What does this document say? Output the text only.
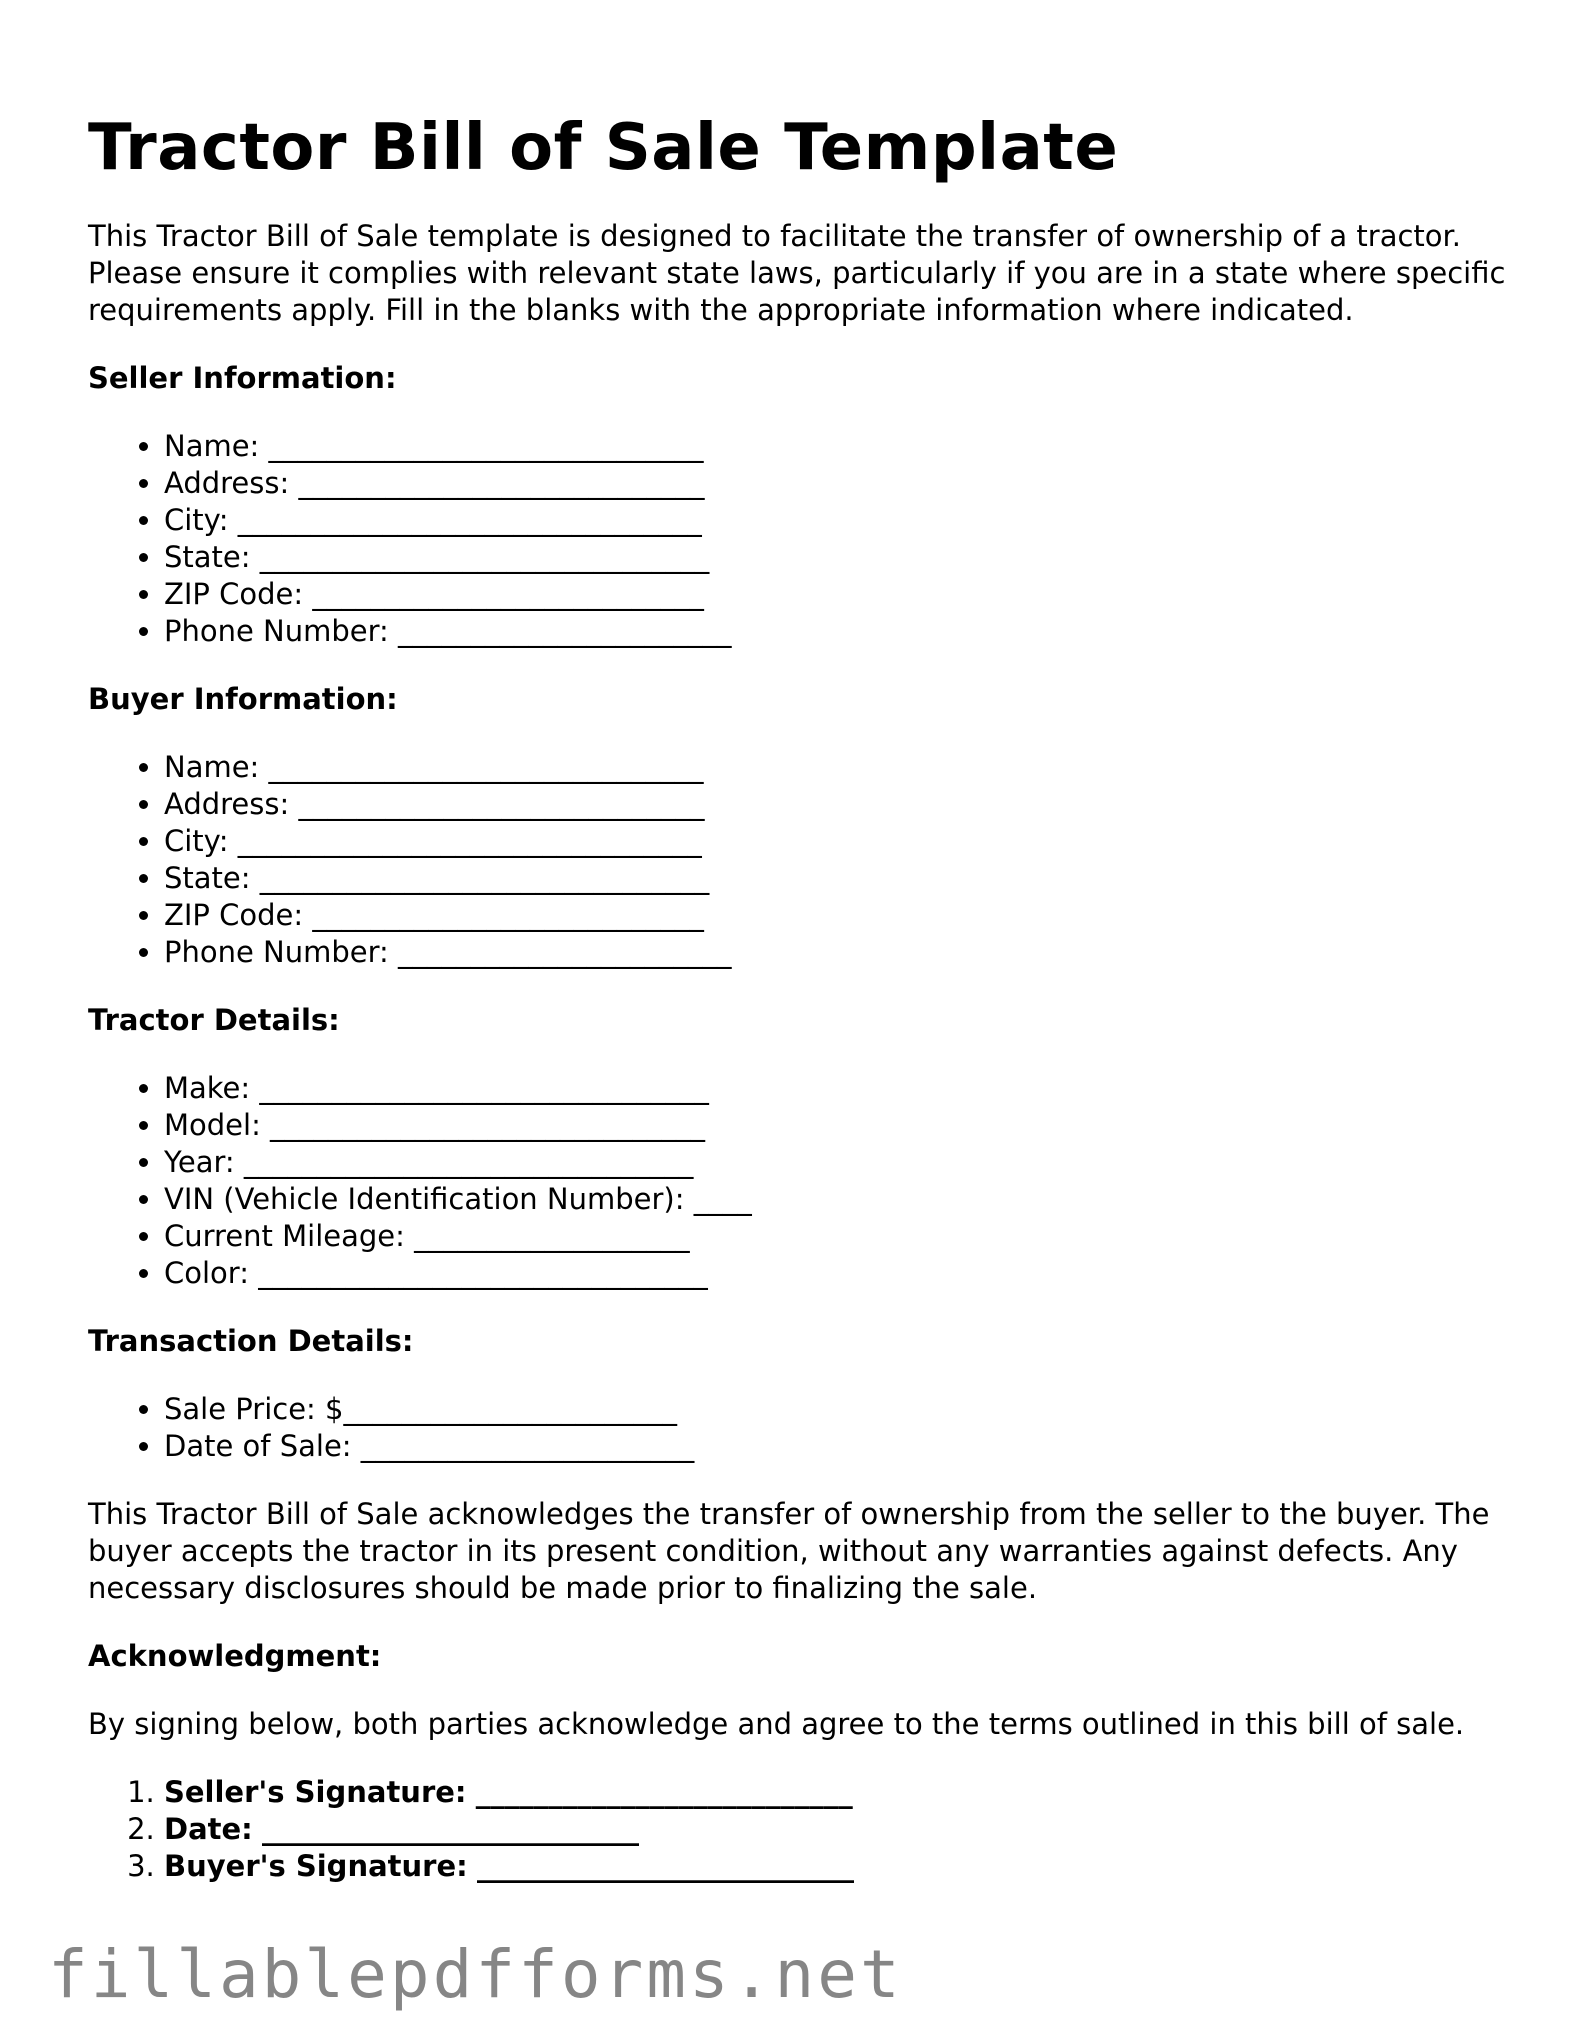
Tractor Bill of Sale Template

This Tractor Bill of Sale template is designed to facilitate the transfer of ownership of a tractor. Please ensure it complies with relevant state laws, particularly if you are in a state where specific requirements apply. Fill in the blanks with the appropriate information where indicated.

Seller Information:
• Name: ______________________________
• Address: ____________________________
• City: ________________________________
• State: _______________________________
• ZIP Code: ___________________________
• Phone Number: _______________________
Buyer Information:
• Name: ______________________________
• Address: ____________________________
• City: ________________________________
• State: _______________________________
• ZIP Code: ___________________________
• Phone Number: _______________________
Tractor Details:
• Make: _______________________________
• Model: ______________________________
• Year: _______________________________
• VIN (Vehicle Identification Number): ____
• Current Mileage: ___________________
• Color: _______________________________
Transaction Details:
• Sale Price: $_______________________
• Date of Sale: _______________________

This Tractor Bill of Sale acknowledges the transfer of ownership from the seller to the buyer. The buyer accepts the tractor in its present condition, without any warranties against defects. Any necessary disclosures should be made prior to finalizing the sale.

Acknowledgment:

By signing below, both parties acknowledge and agree to the terms outlined in this bill of sale.

1. Seller's Signature: __________________________
2. Date: __________________________
3. Buyer's Signature: __________________________
fillablepdfforms.net
